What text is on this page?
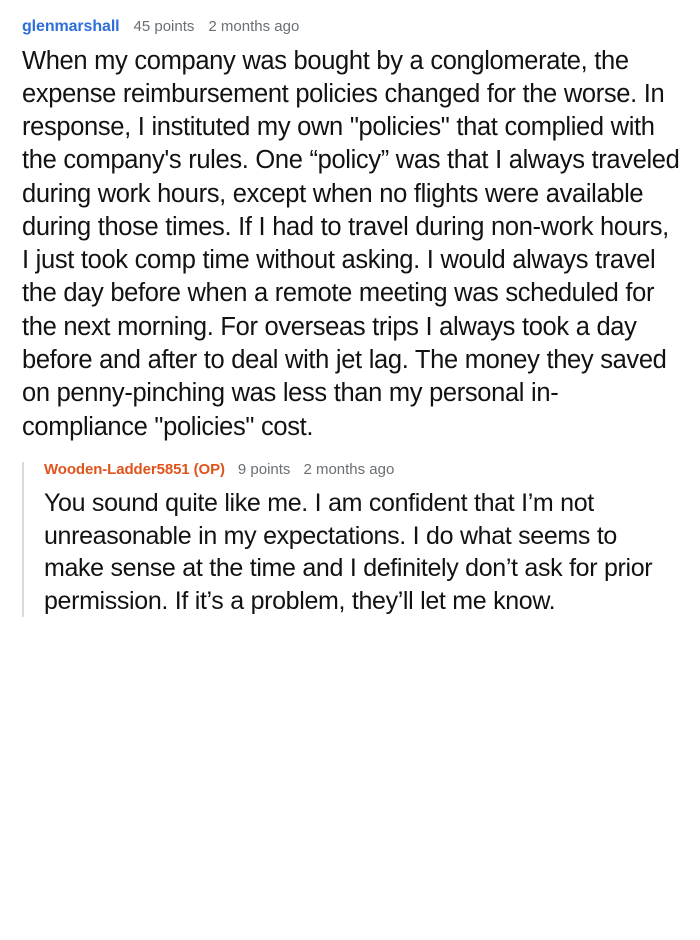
glenmarshall 45 points 2 months ago
When my company was bought by a conglomerate, the expense reimbursement policies changed for the worse. In response, I instituted my own "policies" that complied with the company's rules. One “policy” was that I always traveled during work hours, except when no flights were available during those times. If I had to travel during non-work hours, I just took comp time without asking. I would always travel the day before when a remote meeting was scheduled for the next morning. For overseas trips I always took a day before and after to deal with jet lag. The money they saved on penny-pinching was less than my personal in-compliance "policies" cost.
Wooden-Ladder5851 (OP) 9 points 2 months ago
You sound quite like me. I am confident that I’m not unreasonable in my expectations. I do what seems to make sense at the time and I definitely don’t ask for prior permission. If it’s a problem, they’ll let me know.
